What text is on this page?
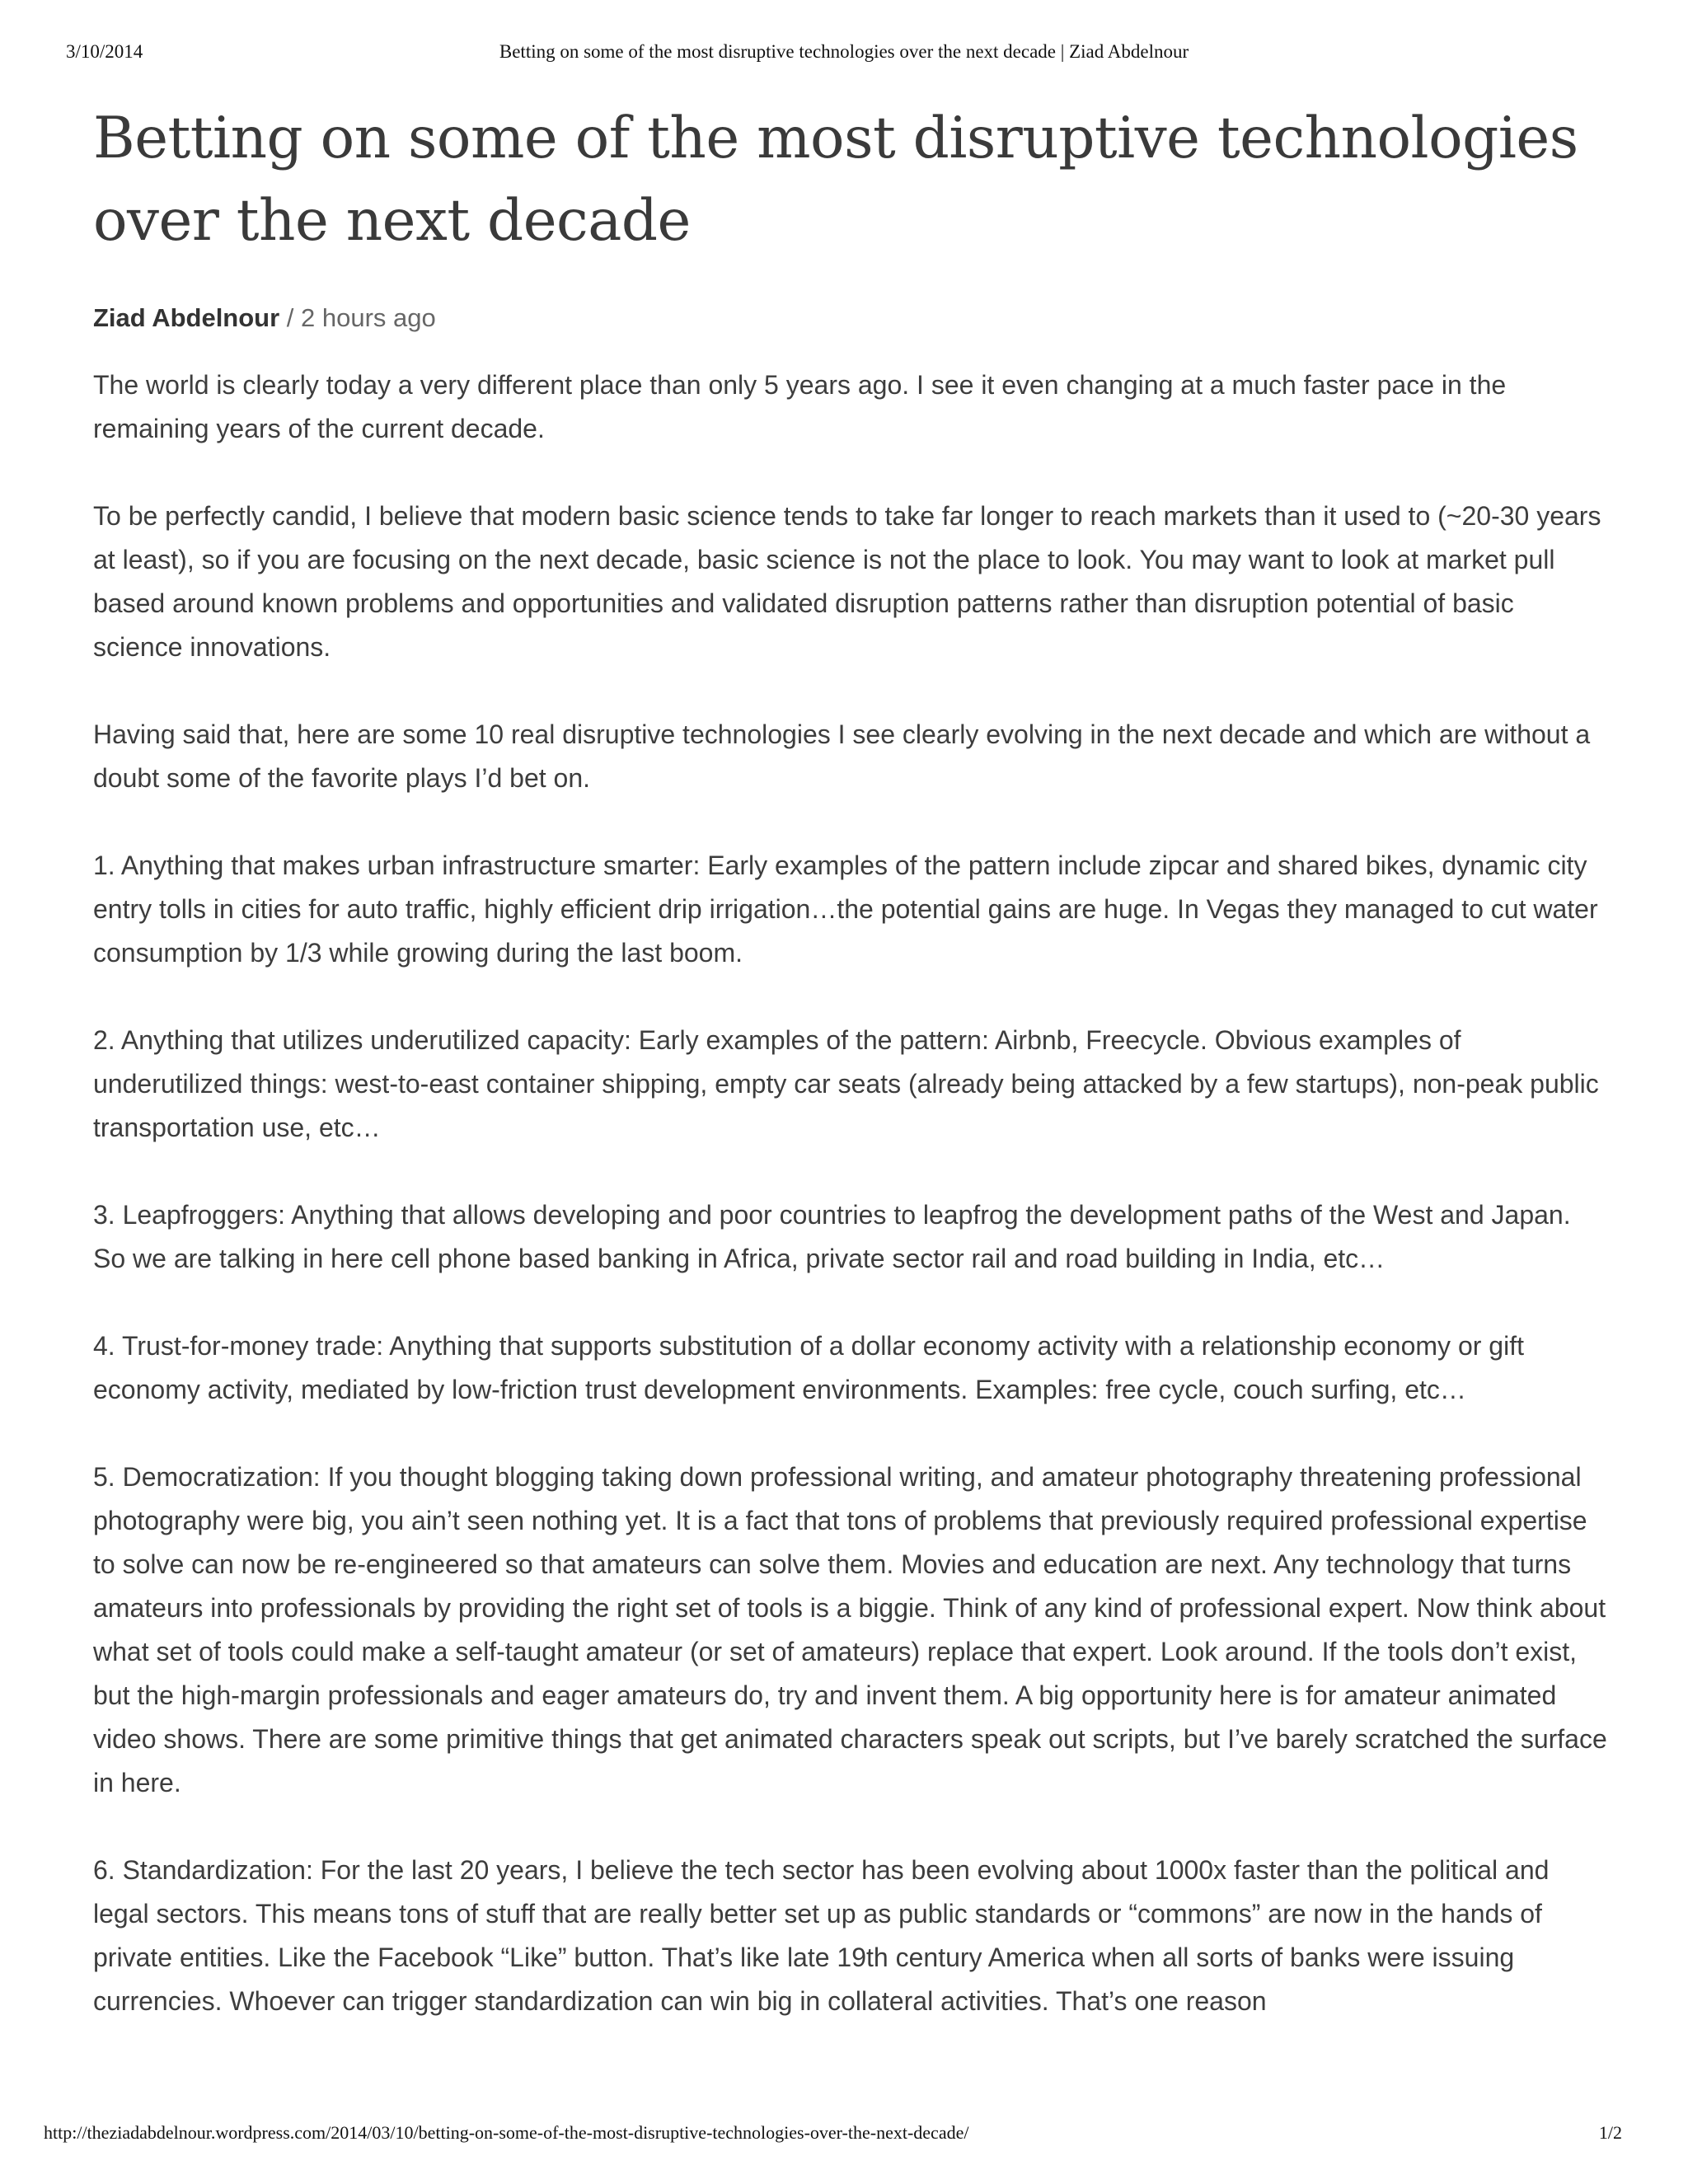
3/10/2014	Betting on some of the most disruptive technologies over the next decade | Ziad Abdelnour
Betting on some of the most disruptive technologies over the next decade
Ziad Abdelnour / 2 hours ago

The world is clearly today a very different place than only 5 years ago. I see it even changing at a much faster pace in the remaining years of the current decade.

To be perfectly candid, I believe that modern basic science tends to take far longer to reach markets than it used to (~20-30 years at least), so if you are focusing on the next decade, basic science is not the place to look. You may want to look at market pull based around known problems and opportunities and validated disruption patterns rather than disruption potential of basic science innovations.

Having said that, here are some 10 real disruptive technologies I see clearly evolving in the next decade and which are without a doubt some of the favorite plays I’d bet on.

1. Anything that makes urban infrastructure smarter: Early examples of the pattern include zipcar and shared bikes, dynamic city entry tolls in cities for auto traffic, highly efficient drip irrigation…the potential gains are huge. In Vegas they managed to cut water consumption by 1/3 while growing during the last boom.

2. Anything that utilizes underutilized capacity: Early examples of the pattern: Airbnb, Freecycle. Obvious examples of underutilized things: west-to-east container shipping, empty car seats (already being attacked by a few startups), non-peak public transportation use, etc…

3. Leapfroggers: Anything that allows developing and poor countries to leapfrog the development paths of the West and Japan. So we are talking in here cell phone based banking in Africa, private sector rail and road building in India, etc…

4. Trust-for-money trade: Anything that supports substitution of a dollar economy activity with a relationship economy or gift economy activity, mediated by low-friction trust development environments. Examples: free cycle, couch surfing, etc…

5. Democratization: If you thought blogging taking down professional writing, and amateur photography threatening professional photography were big, you ain’t seen nothing yet. It is a fact that tons of problems that previously required professional expertise to solve can now be re-engineered so that amateurs can solve them. Movies and education are next. Any technology that turns amateurs into professionals by providing the right set of tools is a biggie. Think of any kind of professional expert. Now think about what set of tools could make a self-taught amateur (or set of amateurs) replace that expert. Look around. If the tools don’t exist, but the high-margin professionals and eager amateurs do, try and invent them. A big opportunity here is for amateur animated video shows. There are some primitive things that get animated characters speak out scripts, but I’ve barely scratched the surface in here.

6. Standardization: For the last 20 years, I believe the tech sector has been evolving about 1000x faster than the political and legal sectors. This means tons of stuff that are really better set up as public standards or “commons” are now in the hands of private entities. Like the Facebook “Like” button. That’s like late 19th century America when all sorts of banks were issuing currencies. Whoever can trigger standardization can win big in collateral activities. That’s one reason

http://theziadabdelnour.wordpress.com/2014/03/10/betting-on-some-of-the-most-disruptive-technologies-over-the-next-decade/	1/2
